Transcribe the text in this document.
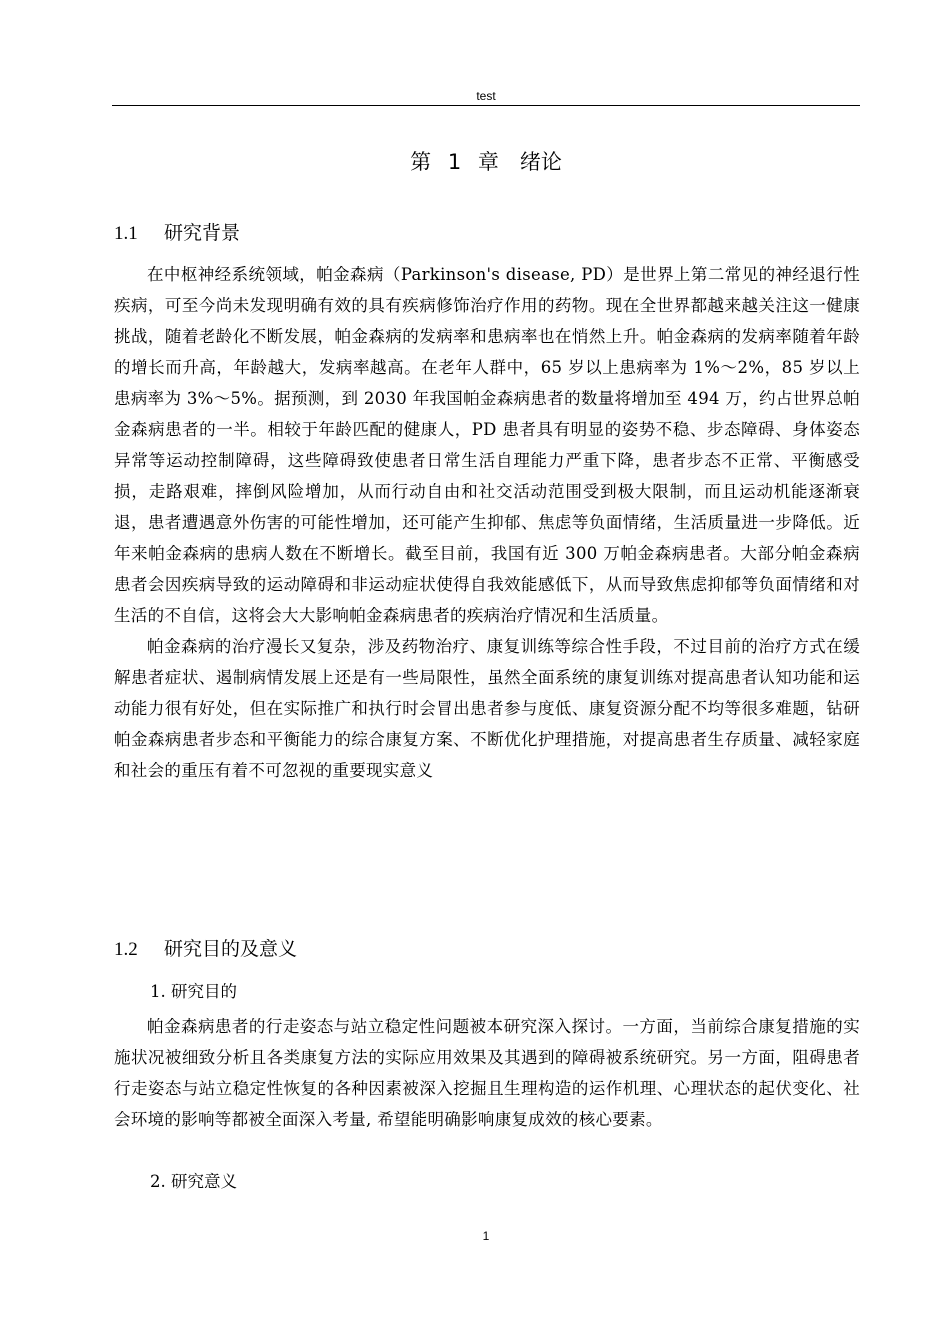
test
第 1 章　绪论
1.1 研究背景

在中枢神经系统领域，帕金森病（Parkinson's disease, PD）是世界上第二常见的神经退行性疾病，可至今尚未发现明确有效的具有疾病修饰治疗作用的药物。现在全世界都越来越关注这一健康挑战，随着老龄化不断发展，帕金森病的发病率和患病率也在悄然上升。帕金森病的发病率随着年龄的增长而升高，年龄越大，发病率越高。在老年人群中，65 岁以上患病率为 1%～2%，85 岁以上患病率为 3%～5%。据预测，到 2030 年我国帕金森病患者的数量将增加至 494 万，约占世界总帕金森病患者的一半。相较于年龄匹配的健康人，PD 患者具有明显的姿势不稳、步态障碍、身体姿态异常等运动控制障碍，这些障碍致使患者日常生活自理能力严重下降，患者步态不正常、平衡感受损，走路艰难，摔倒风险增加，从而行动自由和社交活动范围受到极大限制，而且运动机能逐渐衰退，患者遭遇意外伤害的可能性增加，还可能产生抑郁、焦虑等负面情绪，生活质量进一步降低。近年来帕金森病的患病人数在不断增长。截至目前，我国有近 300 万帕金森病患者。大部分帕金森病患者会因疾病导致的运动障碍和非运动症状使得自我效能感低下，从而导致焦虑抑郁等负面情绪和对生活的不自信，这将会大大影响帕金森病患者的疾病治疗情况和生活质量。

帕金森病的治疗漫长又复杂，涉及药物治疗、康复训练等综合性手段，不过目前的治疗方式在缓解患者症状、遏制病情发展上还是有一些局限性，虽然全面系统的康复训练对提高患者认知功能和运动能力很有好处，但在实际推广和执行时会冒出患者参与度低、康复资源分配不均等很多难题，钻研帕金森病患者步态和平衡能力的综合康复方案、不断优化护理措施，对提高患者生存质量、减轻家庭和社会的重压有着不可忽视的重要现实意义

1.2 研究目的及意义
1. 研究目的

帕金森病患者的行走姿态与站立稳定性问题被本研究深入探讨。一方面，当前综合康复措施的实施状况被细致分析且各类康复方法的实际应用效果及其遇到的障碍被系统研究。另一方面，阻碍患者行走姿态与站立稳定性恢复的各种因素被深入挖掘且生理构造的运作机理、心理状态的起伏变化、社会环境的影响等都被全面深入考量, 希望能明确影响康复成效的核心要素。

2. 研究意义
1
